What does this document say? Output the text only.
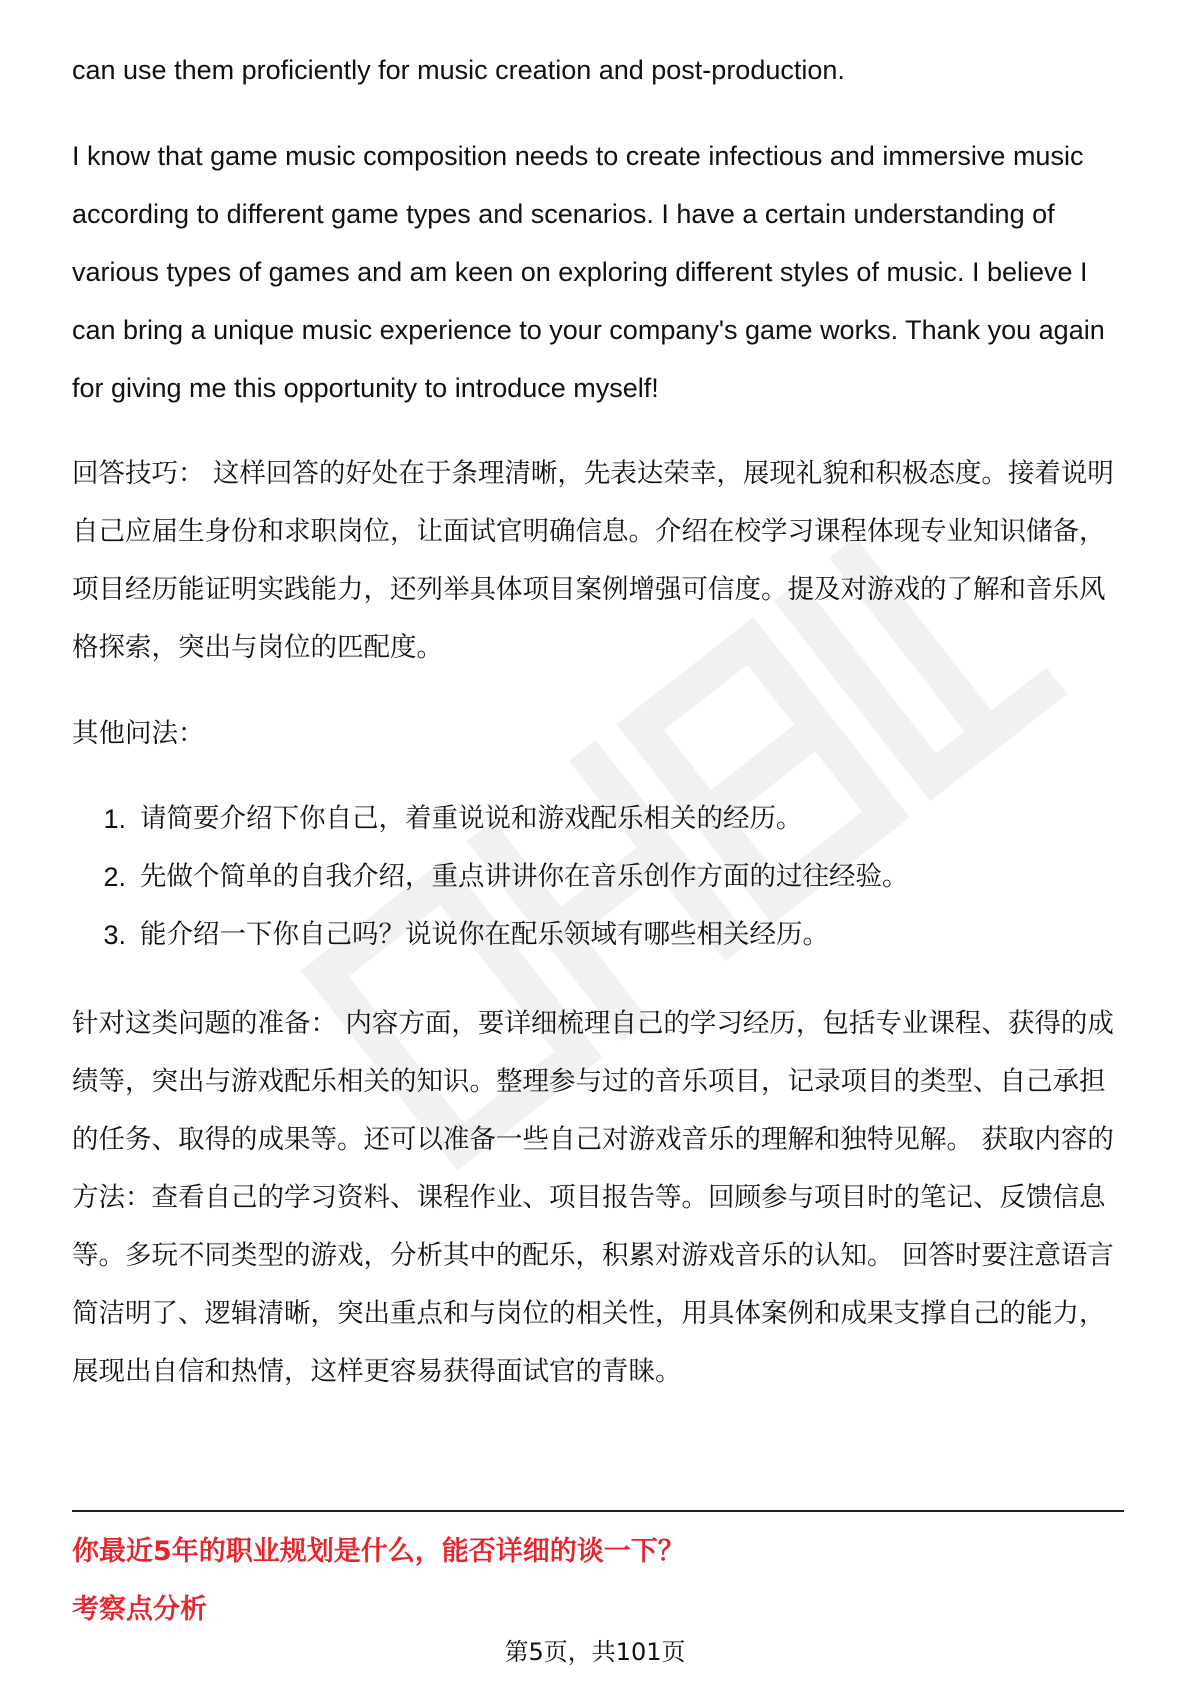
can use them proficiently for music creation and post-production.

I know that game music composition needs to create infectious and immersive music according to different game types and scenarios. I have a certain understanding of various types of games and am keen on exploring different styles of music. I believe I can bring a unique music experience to your company's game works. Thank you again for giving me this opportunity to introduce myself!

回答技巧： 这样回答的好处在于条理清晰，先表达荣幸，展现礼貌和积极态度。接着说明自己应届生身份和求职岗位，让面试官明确信息。介绍在校学习课程体现专业知识储备，项目经历能证明实践能力，还列举具体项目案例增强可信度。提及对游戏的了解和音乐风格探索，突出与岗位的匹配度。

其他问法：

1. 请简要介绍下你自己，着重说说和游戏配乐相关的经历。
2. 先做个简单的自我介绍，重点讲讲你在音乐创作方面的过往经验。
3. 能介绍一下你自己吗？说说你在配乐领域有哪些相关经历。

针对这类问题的准备： 内容方面，要详细梳理自己的学习经历，包括专业课程、获得的成绩等，突出与游戏配乐相关的知识。整理参与过的音乐项目，记录项目的类型、自己承担的任务、取得的成果等。还可以准备一些自己对游戏音乐的理解和独特见解。 获取内容的方法：查看自己的学习资料、课程作业、项目报告等。回顾参与项目时的笔记、反馈信息等。多玩不同类型的游戏，分析其中的配乐，积累对游戏音乐的认知。 回答时要注意语言简洁明了、逻辑清晰，突出重点和与岗位的相关性，用具体案例和成果支撑自己的能力，展现出自信和热情，这样更容易获得面试官的青睐。

你最近5年的职业规划是什么，能否详细的谈一下？
考察点分析
第5页，共101页
